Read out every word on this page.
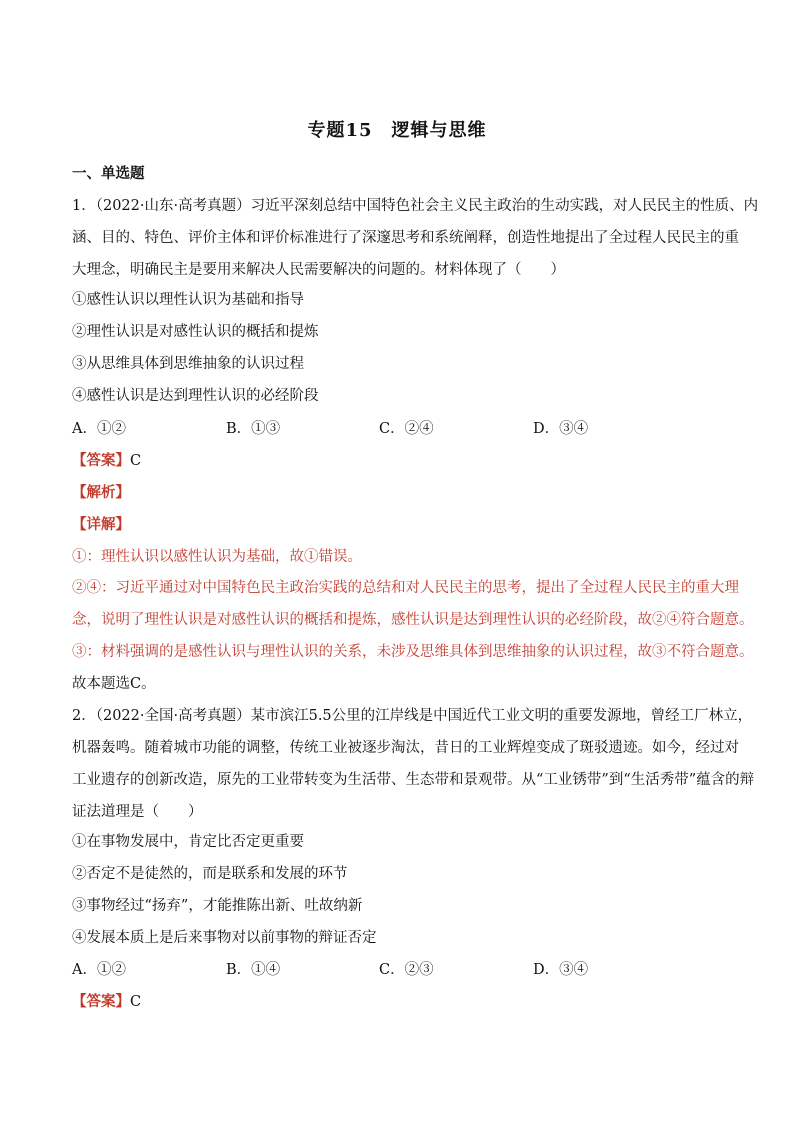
专题15　逻辑与思维
一、单选题
1．（2022·山东·高考真题）习近平深刻总结中国特色社会主义民主政治的生动实践，对人民民主的性质、内
涵、目的、特色、评价主体和评价标准进行了深邃思考和系统阐释，创造性地提出了全过程人民民主的重
大理念，明确民主是要用来解决人民需要解决的问题的。材料体现了（　　）
①感性认识以理性认识为基础和指导
②理性认识是对感性认识的概括和提炼
③从思维具体到思维抽象的认识过程
④感性认识是达到理性认识的必经阶段
A．①②	B．①③	C．②④	D．③④
【答案】C
【解析】
【详解】
①：理性认识以感性认识为基础，故①错误。
②④：习近平通过对中国特色民主政治实践的总结和对人民民主的思考，提出了全过程人民民主的重大理
念，说明了理性认识是对感性认识的概括和提炼，感性认识是达到理性认识的必经阶段，故②④符合题意。
③：材料强调的是感性认识与理性认识的关系，未涉及思维具体到思维抽象的认识过程，故③不符合题意。
故本题选C。
2．（2022·全国·高考真题）某市滨江5.5公里的江岸线是中国近代工业文明的重要发源地，曾经工厂林立，
机器轰鸣。随着城市功能的调整，传统工业被逐步淘汰，昔日的工业辉煌变成了斑驳遗迹。如今，经过对
工业遗存的创新改造，原先的工业带转变为生活带、生态带和景观带。从“工业锈带”到“生活秀带”蕴含的辩
证法道理是（　　）
①在事物发展中，肯定比否定更重要
②否定不是徒然的，而是联系和发展的环节
③事物经过“扬弃”，才能推陈出新、吐故纳新
④发展本质上是后来事物对以前事物的辩证否定
A．①②	B．①④	C．②③	D．③④
【答案】C
